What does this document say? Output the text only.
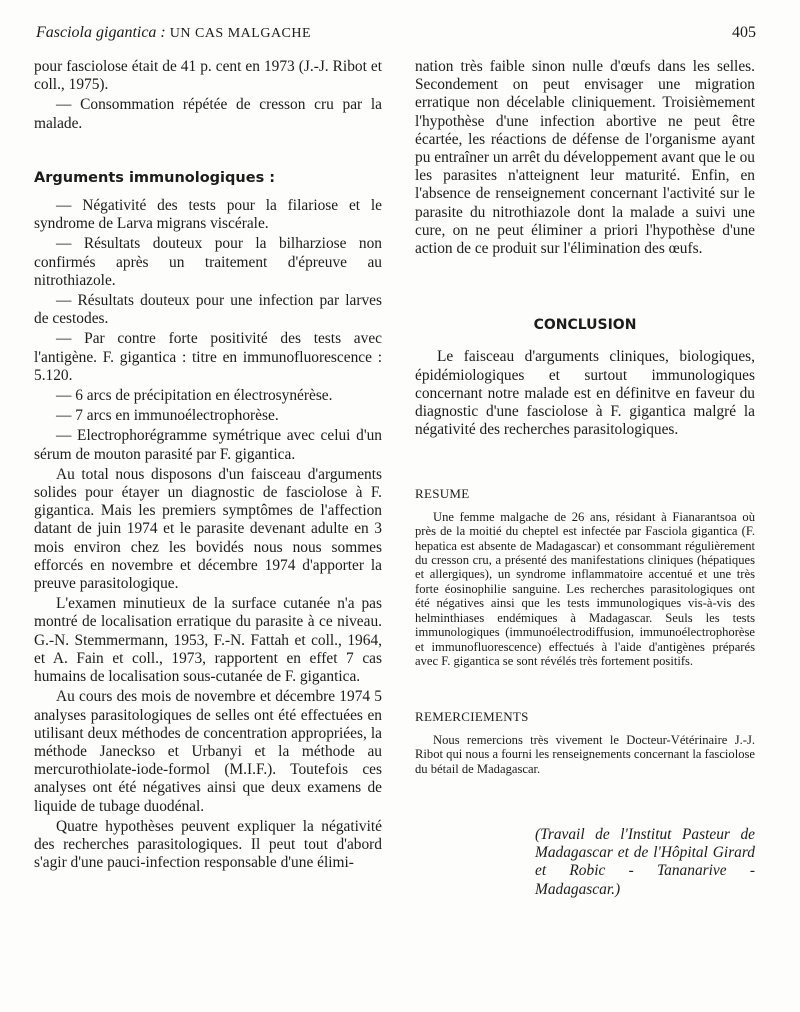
Fasciola gigantica : UN CAS MALGACHE	405

pour fasciolose était de 41 p. cent en 1973 (J.-J. Ribot et coll., 1975).

— Consommation répétée de cresson cru par la malade.

Arguments immunologiques :

— Négativité des tests pour la filariose et le syndrome de Larva migrans viscérale.

— Résultats douteux pour la bilharziose non confirmés après un traitement d'épreuve au nitrothiazole.

— Résultats douteux pour une infection par larves de cestodes.

— Par contre forte positivité des tests avec l'antigène. F. gigantica : titre en immunofluorescence : 5.120.

— 6 arcs de précipitation en électrosynérèse.

— 7 arcs en immunoélectrophorèse.

— Electrophorégramme symétrique avec celui d'un sérum de mouton parasité par F. gigantica.

Au total nous disposons d'un faisceau d'arguments solides pour étayer un diagnostic de fasciolose à F. gigantica. Mais les premiers symptômes de l'affection datant de juin 1974 et le parasite devenant adulte en 3 mois environ chez les bovidés nous nous sommes efforcés en novembre et décembre 1974 d'apporter la preuve parasitologique.

L'examen minutieux de la surface cutanée n'a pas montré de localisation erratique du parasite à ce niveau. G.-N. Stemmermann, 1953, F.-N. Fattah et coll., 1964, et A. Fain et coll., 1973, rapportent en effet 7 cas humains de localisation sous-cutanée de F. gigantica.

Au cours des mois de novembre et décembre 1974 5 analyses parasitologiques de selles ont été effectuées en utilisant deux méthodes de concentration appropriées, la méthode Janeckso et Urbanyi et la méthode au mercurothiolate-iode-formol (M.I.F.). Toutefois ces analyses ont été négatives ainsi que deux examens de liquide de tubage duodénal.

Quatre hypothèses peuvent expliquer la négativité des recherches parasitologiques. Il peut tout d'abord s'agir d'une pauci-infection responsable d'une élimi-

nation très faible sinon nulle d'œufs dans les selles. Secondement on peut envisager une migration erratique non décelable cliniquement. Troisièmement l'hypothèse d'une infection abortive ne peut être écartée, les réactions de défense de l'organisme ayant pu entraîner un arrêt du développement avant que le ou les parasites n'atteignent leur maturité. Enfin, en l'absence de renseignement concernant l'activité sur le parasite du nitrothiazole dont la malade a suivi une cure, on ne peut éliminer a priori l'hypothèse d'une action de ce produit sur l'élimination des œufs.

CONCLUSION

Le faisceau d'arguments cliniques, biologiques, épidémiologiques et surtout immunologiques concernant notre malade est en définitve en faveur du diagnostic d'une fasciolose à F. gigantica malgré la négativité des recherches parasitologiques.

RESUME

Une femme malgache de 26 ans, résidant à Fianarantsoa où près de la moitié du cheptel est infectée par Fasciola gigantica (F. hepatica est absente de Madagascar) et consommant régulièrement du cresson cru, a présenté des manifestations cliniques (hépatiques et allergiques), un syndrome inflammatoire accentué et une très forte éosinophilie sanguine. Les recherches parasitologiques ont été négatives ainsi que les tests immunologiques vis-à-vis des helminthiases endémiques à Madagascar. Seuls les tests immunologiques (immunoélectrodiffusion, immunoélectrophorèse et immunofluorescence) effectués à l'aide d'antigènes préparés avec F. gigantica se sont révélés très fortement positifs.

REMERCIEMENTS

Nous remercions très vivement le Docteur-Vétérinaire J.-J. Ribot qui nous a fourni les renseignements concernant la fasciolose du bétail de Madagascar.

(Travail de l'Institut Pasteur de Madagascar et de l'Hôpital Girard et Robic - Tananarive - Madagascar.)
